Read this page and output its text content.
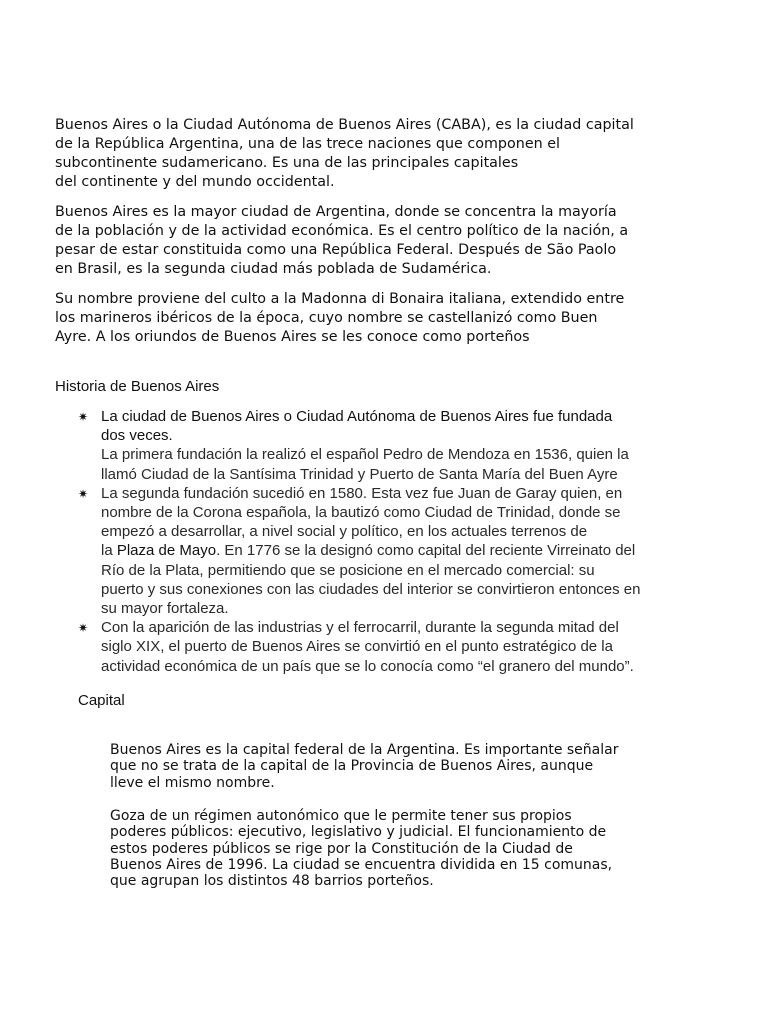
Buenos Aires o la Ciudad Autónoma de Buenos Aires (CABA), es la ciudad capital
de la República Argentina, una de las trece naciones que componen el
subcontinente sudamericano. Es una de las principales capitales
del continente y del mundo occidental.

Buenos Aires es la mayor ciudad de Argentina, donde se concentra la mayoría
de la población y de la actividad económica. Es el centro político de la nación, a
pesar de estar constituida como una República Federal. Después de São Paolo
en Brasil, es la segunda ciudad más poblada de Sudamérica.

Su nombre proviene del culto a la Madonna di Bonaira italiana, extendido entre
los marineros ibéricos de la época, cuyo nombre se castellanizó como Buen
Ayre. A los oriundos de Buenos Aires se les conoce como porteños

Historia de Buenos Aires
✷ La ciudad de Buenos Aires o Ciudad Autónoma de Buenos Aires fue fundada
dos veces.
La primera fundación la realizó el español Pedro de Mendoza en 1536, quien la
llamó Ciudad de la Santísima Trinidad y Puerto de Santa María del Buen Ayre
✷ La segunda fundación sucedió en 1580. Esta vez fue Juan de Garay quien, en
nombre de la Corona española, la bautizó como Ciudad de Trinidad, donde se
empezó a desarrollar, a nivel social y político, en los actuales terrenos de
la Plaza de Mayo. En 1776 se la designó como capital del reciente Virreinato del
Río de la Plata, permitiendo que se posicione en el mercado comercial: su
puerto y sus conexiones con las ciudades del interior se convirtieron entonces en
su mayor fortaleza.
✷ Con la aparición de las industrias y el ferrocarril, durante la segunda mitad del
siglo XIX, el puerto de Buenos Aires se convirtió en el punto estratégico de la
actividad económica de un país que se lo conocía como “el granero del mundo”.
Capital

Buenos Aires es la capital federal de la Argentina. Es importante señalar
que no se trata de la capital de la Provincia de Buenos Aires, aunque
lleve el mismo nombre.

Goza de un régimen autonómico que le permite tener sus propios
poderes públicos: ejecutivo, legislativo y judicial. El funcionamiento de
estos poderes públicos se rige por la Constitución de la Ciudad de
Buenos Aires de 1996. La ciudad se encuentra dividida en 15 comunas,
que agrupan los distintos 48 barrios porteños.
